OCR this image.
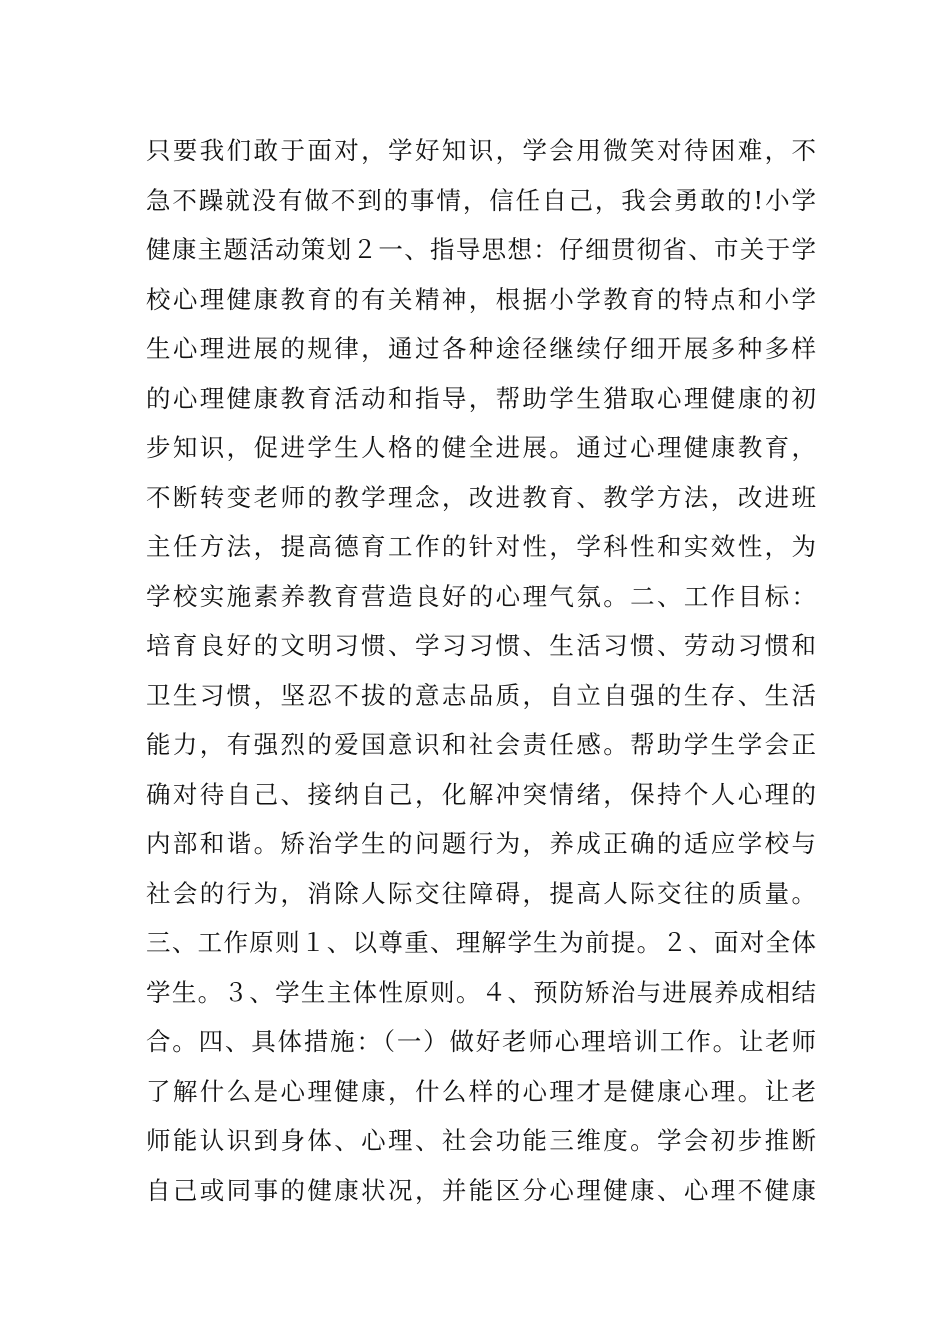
只要我们敢于面对，学好知识，学会用微笑对待困难，不
急不躁就没有做不到的事情，信任自己，我会勇敢的!小学
健康主题活动策划２一、指导思想：仔细贯彻省、市关于学
校心理健康教育的有关精神，根据小学教育的特点和小学
生心理进展的规律，通过各种途径继续仔细开展多种多样
的心理健康教育活动和指导，帮助学生猎取心理健康的初
步知识，促进学生人格的健全进展。通过心理健康教育，
不断转变老师的教学理念，改进教育、教学方法，改进班
主任方法，提高德育工作的针对性，学科性和实效性，为
学校实施素养教育营造良好的心理气氛。二、工作目标：
培育良好的文明习惯、学习习惯、生活习惯、劳动习惯和
卫生习惯，坚忍不拔的意志品质，自立自强的生存、生活
能力，有强烈的爱国意识和社会责任感。帮助学生学会正
确对待自己、接纳自己，化解冲突情绪，保持个人心理的
内部和谐。矫治学生的问题行为，养成正确的适应学校与
社会的行为，消除人际交往障碍，提高人际交往的质量。
三、工作原则１、以尊重、理解学生为前提。２、面对全体
学生。３、学生主体性原则。４、预防矫治与进展养成相结
合。四、具体措施：（一）做好老师心理培训工作。让老师
了解什么是心理健康，什么样的心理才是健康心理。让老
师能认识到身体、心理、社会功能三维度。学会初步推断
自己或同事的健康状况，并能区分心理健康、心理不健康
